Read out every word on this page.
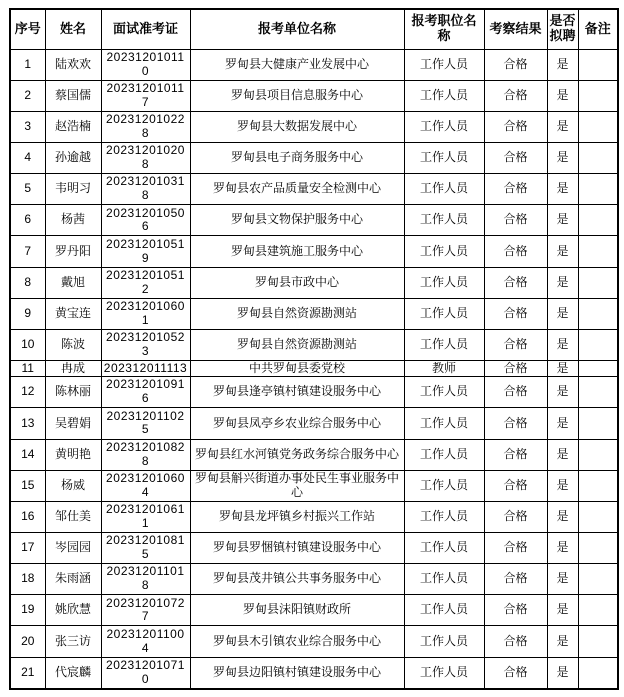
序号	姓名	面试准考证	报考单位名称	报考职位名称	考察结果	是否拟聘	备注
1	陆欢欢	202312010110	罗甸县大健康产业发展中心	工作人员	合格	是	
2	蔡国儒	202312010117	罗甸县项目信息服务中心	工作人员	合格	是	
3	赵浩楠	202312010228	罗甸县大数据发展中心	工作人员	合格	是	
4	孙逾越	202312010208	罗甸县电子商务服务中心	工作人员	合格	是	
5	韦明习	202312010318	罗甸县农产品质量安全检测中心	工作人员	合格	是	
6	杨茜	202312010506	罗甸县文物保护服务中心	工作人员	合格	是	
7	罗丹阳	202312010519	罗甸县建筑施工服务中心	工作人员	合格	是	
8	戴旭	202312010512	罗甸县市政中心	工作人员	合格	是	
9	黄宝连	202312010601	罗甸县自然资源勘测站	工作人员	合格	是	
10	陈波	202312010523	罗甸县自然资源勘测站	工作人员	合格	是	
11	冉成	202312011113	中共罗甸县委党校	教师	合格	是	
12	陈林丽	202312010916	罗甸县逢亭镇村镇建设服务中心	工作人员	合格	是	
13	吴碧娟	202312011025	罗甸县凤亭乡农业综合服务中心	工作人员	合格	是	
14	黄明艳	202312010828	罗甸县红水河镇党务政务综合服务中心	工作人员	合格	是	
15	杨威	202312010604	罗甸县斛兴街道办事处民生事业服务中心	工作人员	合格	是	
16	邹仕美	202312010611	罗甸县龙坪镇乡村振兴工作站	工作人员	合格	是	
17	岑园园	202312010815	罗甸县罗悃镇村镇建设服务中心	工作人员	合格	是	
18	朱雨涵	202312011018	罗甸县茂井镇公共事务服务中心	工作人员	合格	是	
19	姚欣慧	202312010727	罗甸县沫阳镇财政所	工作人员	合格	是	
20	张三访	202312011004	罗甸县木引镇农业综合服务中心	工作人员	合格	是	
21	代宸麟	202312010710	罗甸县边阳镇村镇建设服务中心	工作人员	合格	是	
